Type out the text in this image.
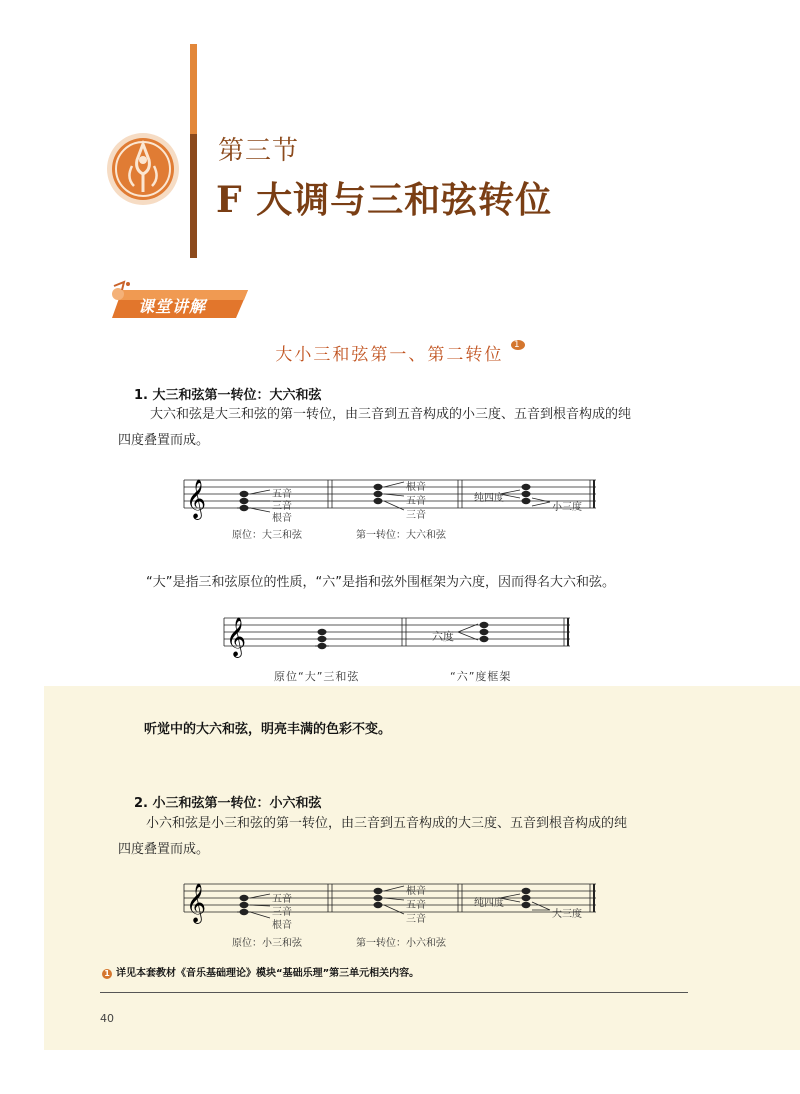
第三节
F 大调与三和弦转位
课堂讲解
大小三和弦第一、第二转位 $^1$
1. 大三和弦第一转位：大六和弦
大六和弦是大三和弦的第一转位，由三音到五音构成的小三度、五音到根音构成的纯
四度叠置而成。
𝄞	五音
三音
根音
根音
五音
三音
纯四度
小三度
原位：大三和弦	第一转位：大六和弦
“大”是指三和弦原位的性质，“六”是指和弦外围框架为六度，因而得名大六和弦。
𝄞	六度
原位“大”三和弦	“六”度框架
听觉中的大六和弦，明亮丰满的色彩不变。
2. 小三和弦第一转位：小六和弦
小六和弦是小三和弦的第一转位，由三音到五音构成的大三度、五音到根音构成的纯
四度叠置而成。
𝄞	五音
三音
根音
根音
五音
三音
纯四度
大三度
原位：小三和弦	第一转位：小六和弦
1 详见本套教材《音乐基础理论》模块“基础乐理”第三单元相关内容。
40
